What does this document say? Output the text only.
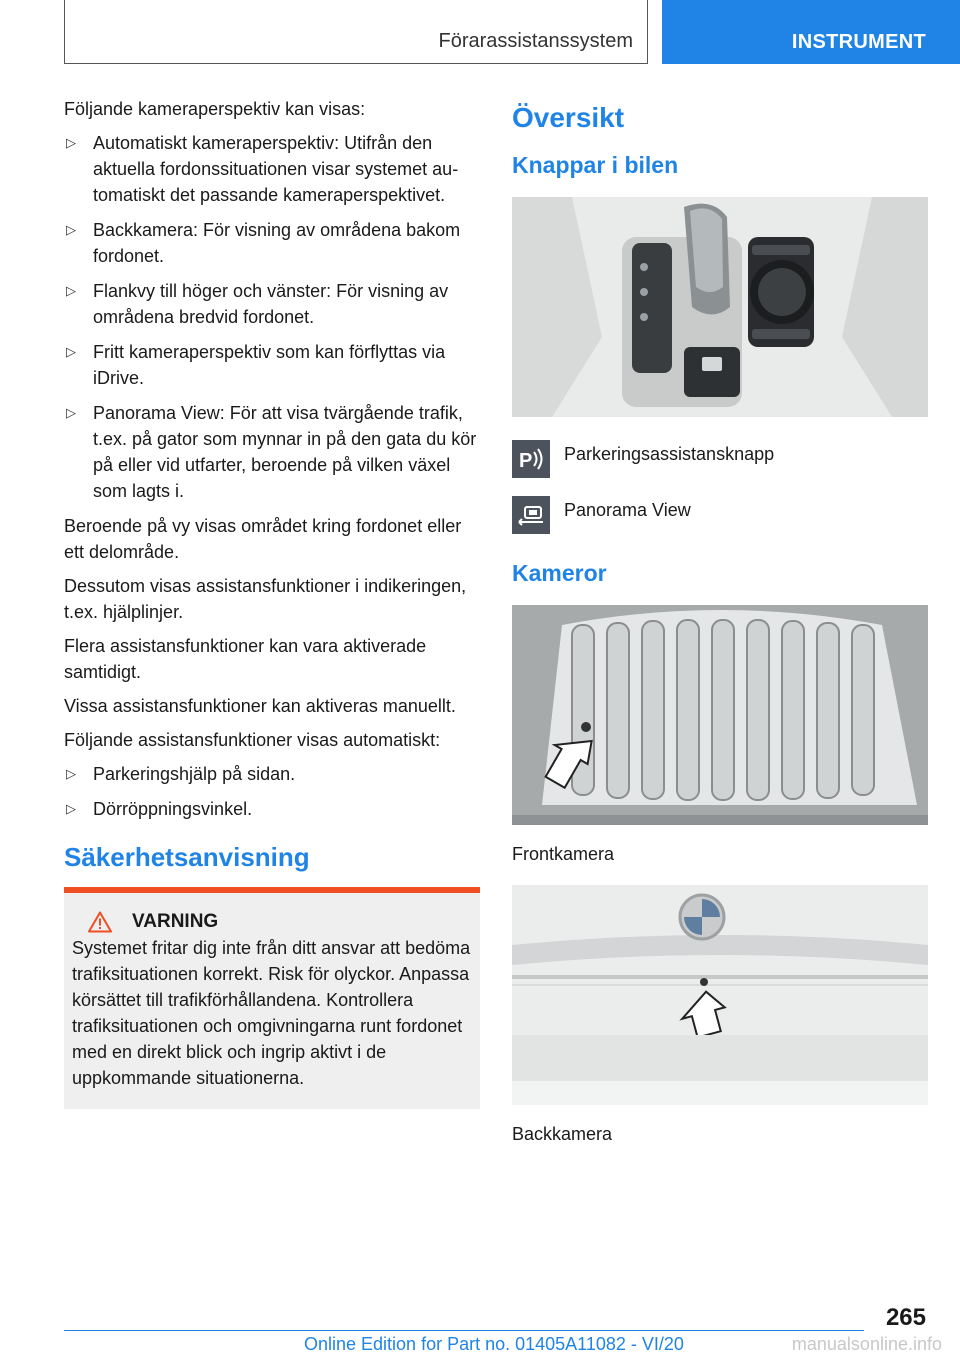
Förarassistanssystem	INSTRUMENT

Följande kameraperspektiv kan visas:

▷ Automatiskt kameraperspektiv: Utifrån den aktuella fordonssituationen visar systemet automatiskt det passande kameraperspektivet.
▷ Backkamera: För visning av områdena bakom fordonet.
▷ Flankvy till höger och vänster: För visning av områdena bredvid fordonet.
▷ Fritt kameraperspektiv som kan förflyttas via iDrive.
▷ Panorama View: För att visa tvärgående trafik, t.ex. på gator som mynnar in på den gata du kör på eller vid utfarter, beroende på vilken växel som lagts i.

Beroende på vy visas området kring fordonet eller ett delområde.

Dessutom visas assistansfunktioner i indikeringen, t.ex. hjälplinjer.

Flera assistansfunktioner kan vara aktiverade samtidigt.

Vissa assistansfunktioner kan aktiveras manuellt.

Följande assistansfunktioner visas automatiskt:

▷ Parkeringshjälp på sidan.
▷ Dörröppningsvinkel.
Säkerhetsanvisning
VARNING

Systemet fritar dig inte från ditt ansvar att bedöma trafiksituationen korrekt. Risk för olyckor. Anpassa körsättet till trafikförhållandena. Kontrollera trafiksituationen och omgivningarna runt fordonet med en direkt blick och ingrip aktivt i de uppkommande situationerna.

Översikt
Knappar i bilen
P Parkeringsassistansknapp
Panorama View
Kameror
Frontkamera
Backkamera
265
Online Edition for Part no. 01405A11082 - VI/20	manualsonline.info
